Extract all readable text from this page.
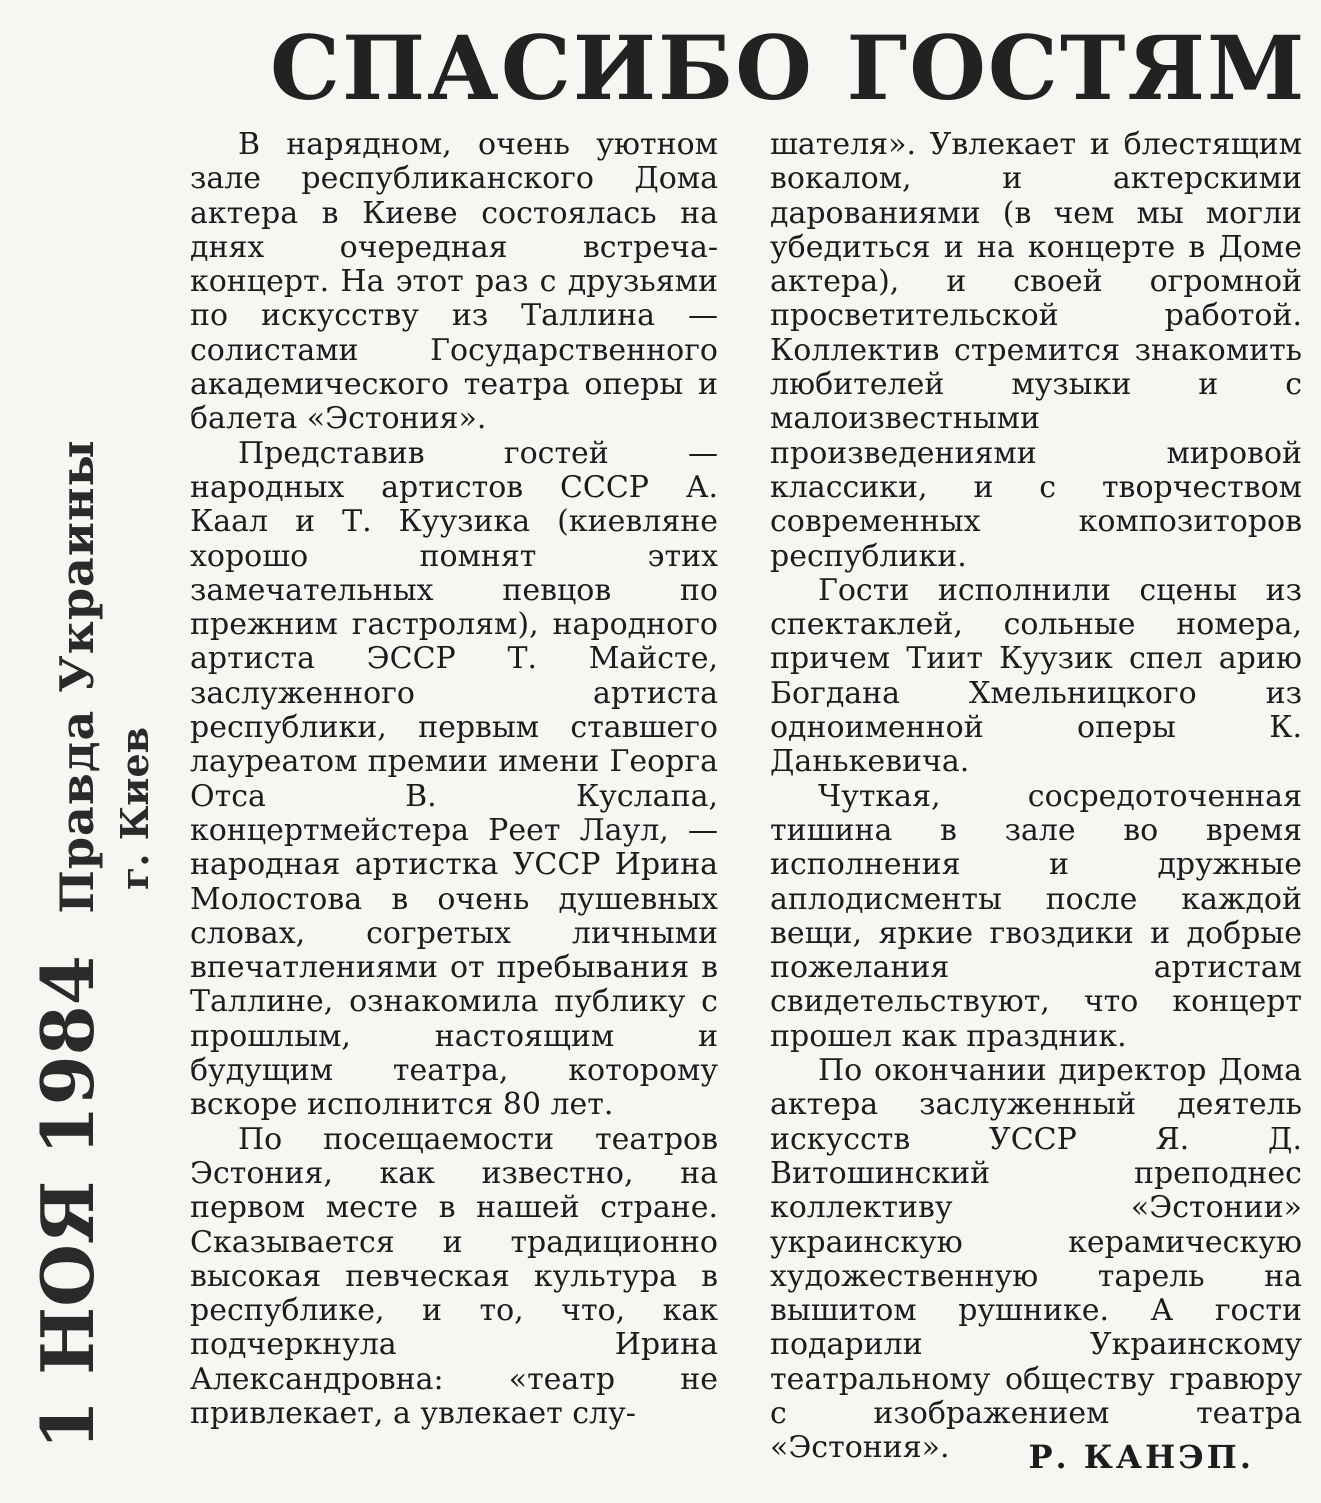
СПАСИБО ГОСТЯМ
1 НОЯ 1984 Правда Украины г. Киев

В нарядном, очень уютном зале республиканского Дома актера в Киеве состоялась на днях очередная встреча-концерт. На этот раз с друзьями по искусству из Таллина — солистами Государственного академического театра оперы и балета «Эстония».

Представив гостей — народных артистов СССР А. Каал и Т. Куузика (киевляне хорошо помнят этих замечательных певцов по прежним гастролям), народного артиста ЭССР Т. Майсте, заслуженного артиста республики, первым ставшего лауреатом премии имени Георга Отса В. Куслапа, концертмейстера Реет Лаул, — народная артистка УССР Ирина Молостова в очень душевных словах, согретых личными впечатлениями от пребывания в Таллине, ознакомила публику с прошлым, настоящим и будущим театра, которому вскоре исполнится 80 лет.

По посещаемости театров Эстония, как известно, на первом месте в нашей стране. Сказывается и традиционно высокая певческая культура в республике, и то, что, как подчеркнула Ирина Александровна: «театр не привлекает, а увлекает слу-

шателя». Увлекает и блестящим вокалом, и актерскими дарованиями (в чем мы могли убедиться и на концерте в Доме актера), и своей огромной просветительской работой. Коллектив стремится знакомить любителей музыки и с малоизвестными произведениями мировой классики, и с творчеством современных композиторов республики.

Гости исполнили сцены из спектаклей, сольные номера, причем Тиит Куузик спел арию Богдана Хмельницкого из одноименной оперы К. Данькевича.

Чуткая, сосредоточенная тишина в зале во время исполнения и дружные аплодисменты после каждой вещи, яркие гвоздики и добрые пожелания артистам свидетельствуют, что концерт прошел как праздник.

По окончании директор Дома актера заслуженный деятель искусств УССР Я. Д. Витошинский преподнес коллективу «Эстонии» украинскую керамическую художественную тарель на вышитом рушнике. А гости подарили Украинскому театральному обществу гравюру с изображением театра «Эстония».	Р. КАНЭП.
